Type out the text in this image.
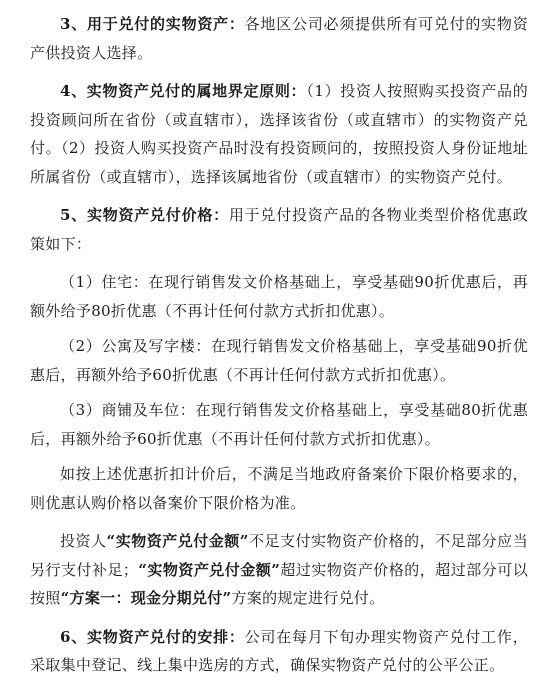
3、用于兑付的实物资产：各地区公司必须提供所有可兑付的实物资产供投资人选择。

4、实物资产兑付的属地界定原则：（1）投资人按照购买投资产品的投资顾问所在省份（或直辖市），选择该省份（或直辖市）的实物资产兑付。（2）投资人购买投资产品时没有投资顾问的，按照投资人身份证地址所属省份（或直辖市），选择该属地省份（或直辖市）的实物资产兑付。

5、实物资产兑付价格：用于兑付投资产品的各物业类型价格优惠政策如下：

（1）住宅：在现行销售发文价格基础上，享受基础90折优惠后，再额外给予80折优惠（不再计任何付款方式折扣优惠）。

（2）公寓及写字楼：在现行销售发文价格基础上，享受基础90折优惠后，再额外给予60折优惠（不再计任何付款方式折扣优惠）。

（3）商铺及车位：在现行销售发文价格基础上，享受基础80折优惠后，再额外给予60折优惠（不再计任何付款方式折扣优惠）。

如按上述优惠折扣计价后，不满足当地政府备案价下限价格要求的，则优惠认购价格以备案价下限价格为准。

投资人“实物资产兑付金额”不足支付实物资产价格的，不足部分应当另行支付补足；“实物资产兑付金额”超过实物资产价格的，超过部分可以按照“方案一：现金分期兑付”方案的规定进行兑付。

6、实物资产兑付的安排：公司在每月下旬办理实物资产兑付工作，采取集中登记、线上集中选房的方式，确保实物资产兑付的公平公正。
